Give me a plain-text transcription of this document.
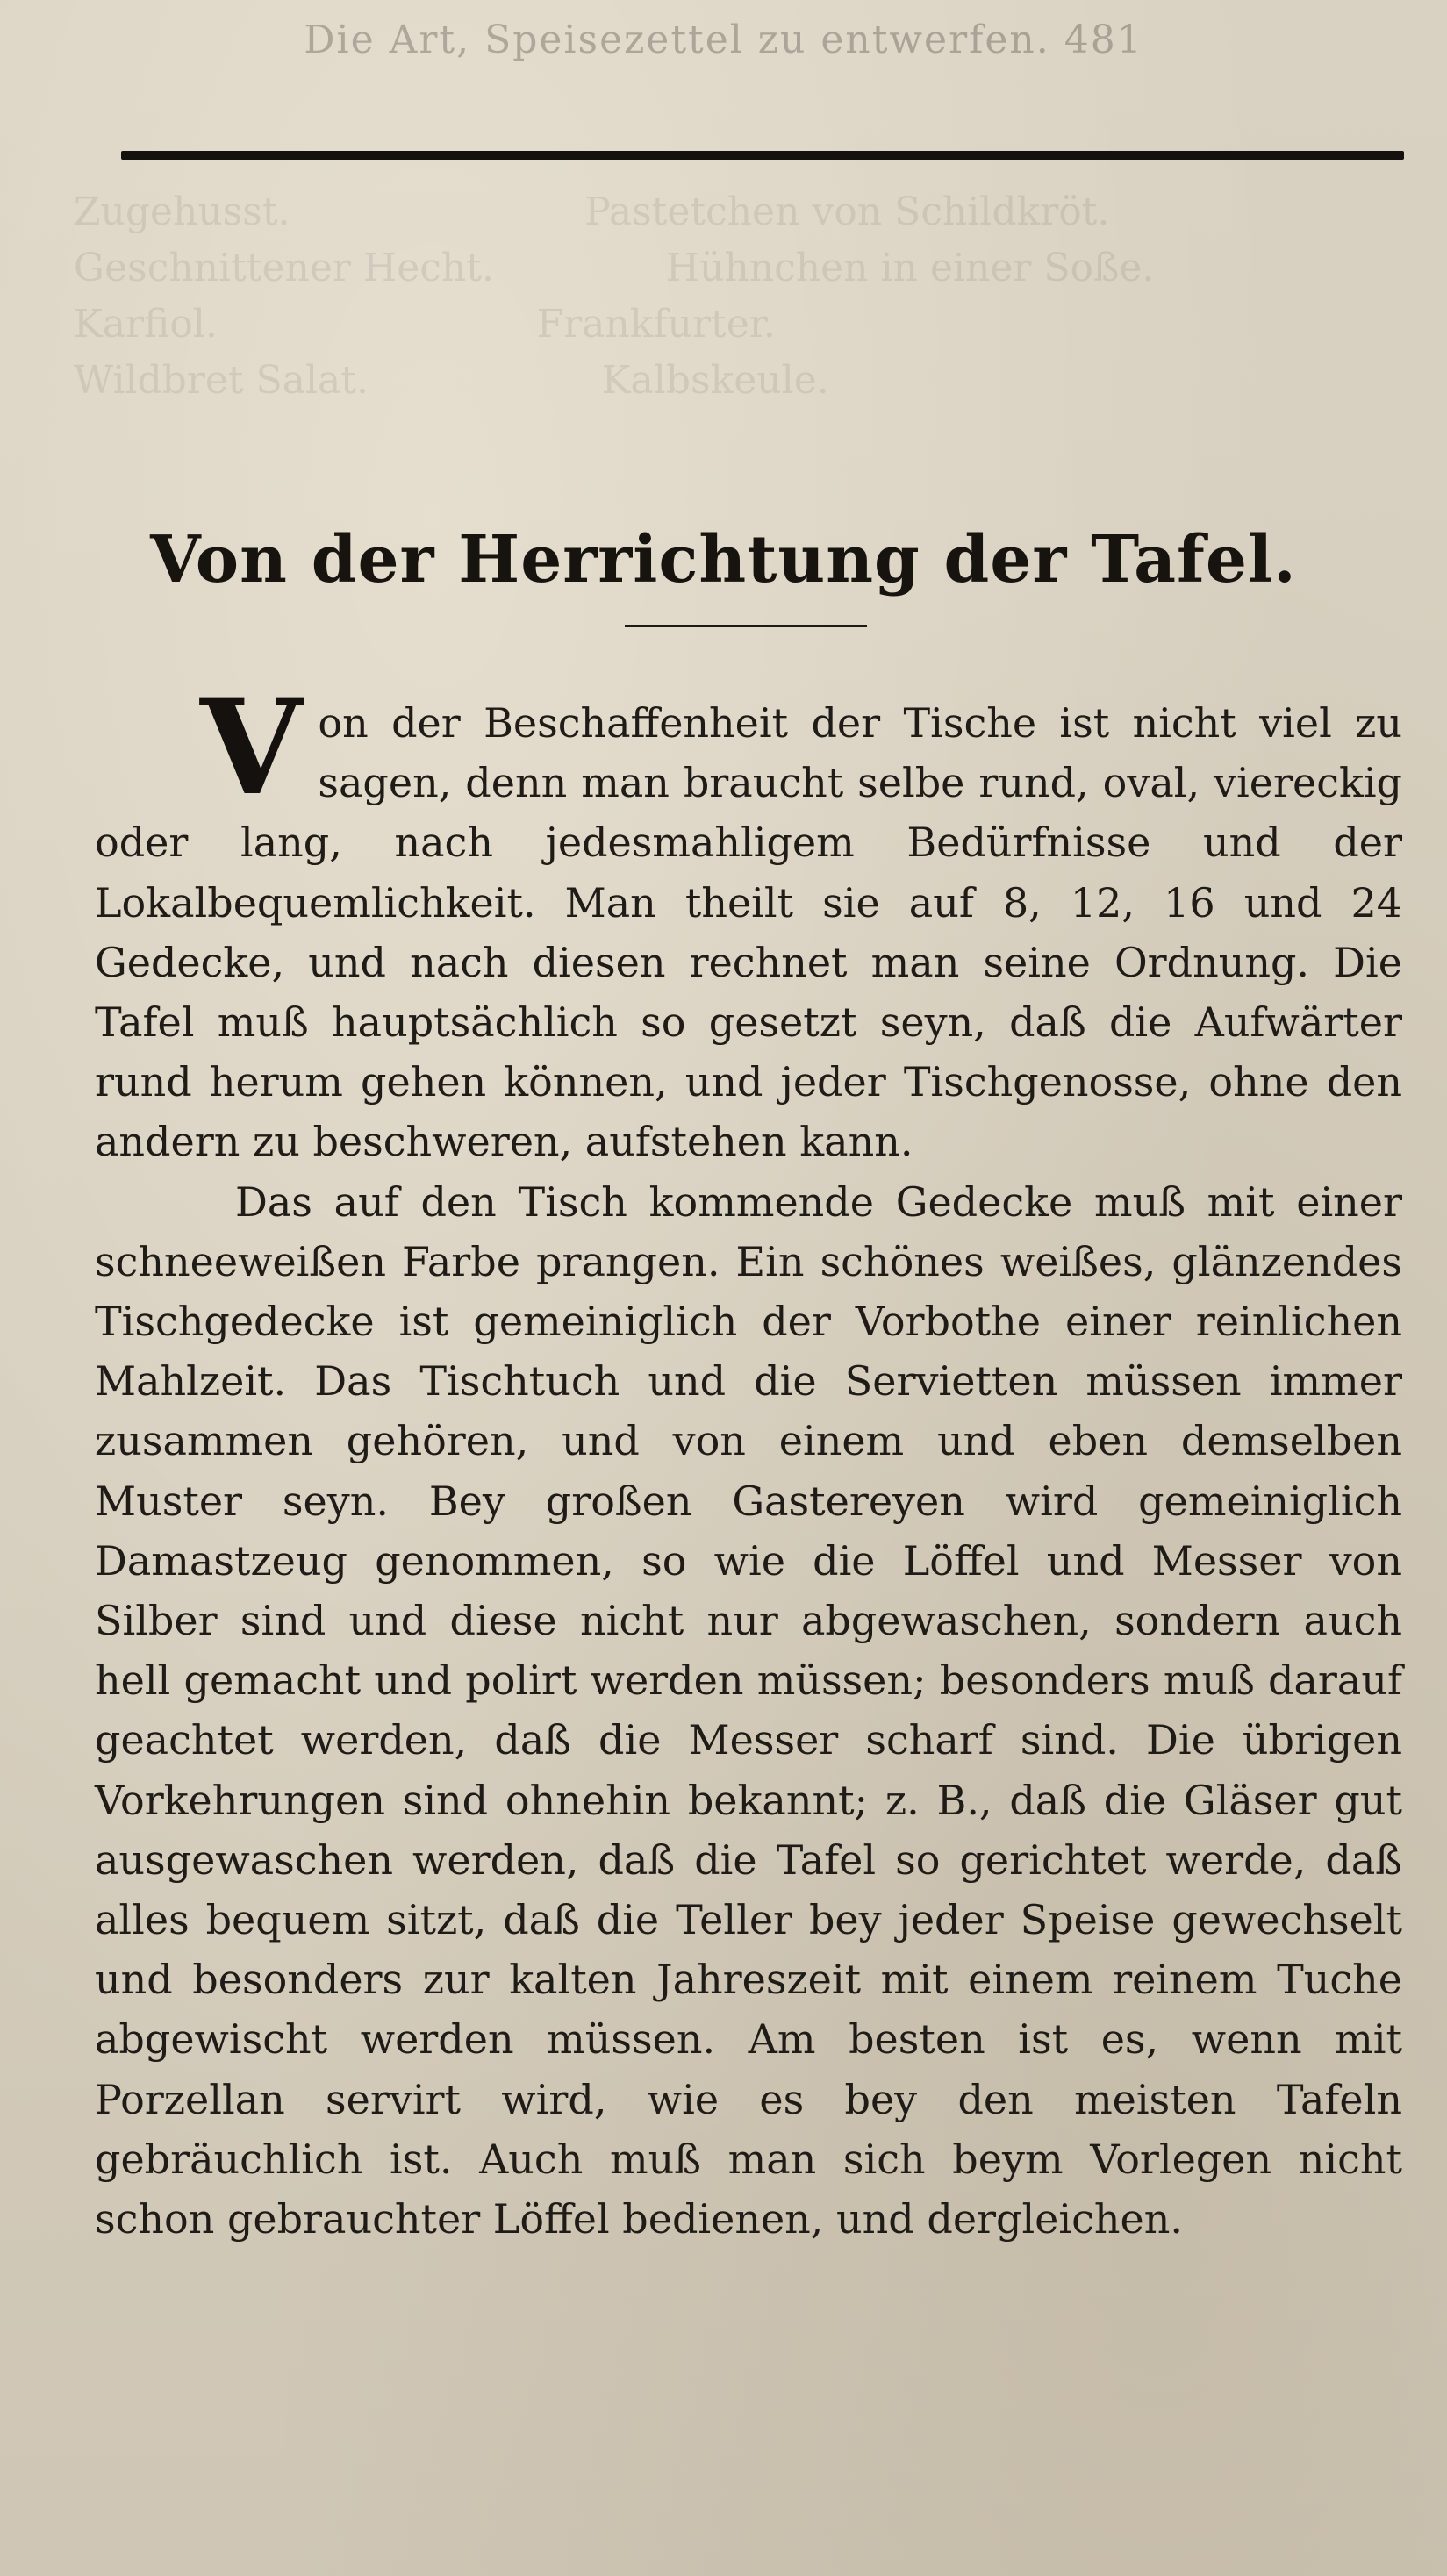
Zugehusst.                        Pastetchen von Schildkröt.
Geschnittener Hecht.              Hühnchen in einer Soße.
Karfiol.                          Frankfurter.
Wildbret Salat.                   Kalbskeule.
Die Art, Speisezettel zu entwerfen. 481
Von der Herrichtung der Tafel.

Von der Beschaffenheit der Tische ist nicht viel zu sagen, denn man braucht selbe rund, oval, viereckig oder lang, nach jedesmahligem Bedürfnisse und der Lokalbequemlichkeit. Man theilt sie auf 8, 12, 16 und 24 Gedecke, und nach diesen rechnet man seine Ordnung. Die Tafel muß hauptsächlich so gesetzt seyn, daß die Aufwärter rund herum gehen können, und jeder Tischgenosse, ohne den andern zu beschweren, aufstehen kann.

Das auf den Tisch kommende Gedecke muß mit einer schneeweißen Farbe prangen. Ein schönes weißes, glänzendes Tischgedecke ist gemeiniglich der Vorbothe einer reinlichen Mahlzeit. Das Tischtuch und die Servietten müssen immer zusammen gehören, und von einem und eben demselben Muster seyn. Bey großen Gastereyen wird gemeiniglich Damastzeug genommen, so wie die Löffel und Messer von Silber sind und diese nicht nur abgewaschen, sondern auch hell gemacht und polirt werden müssen; besonders muß darauf geachtet werden, daß die Messer scharf sind. Die übrigen Vorkehrungen sind ohnehin bekannt; z. B., daß die Gläser gut ausgewaschen werden, daß die Tafel so gerichtet werde, daß alles bequem sitzt, daß die Teller bey jeder Speise gewechselt und besonders zur kalten Jahreszeit mit einem reinem Tuche abgewischt werden müssen. Am besten ist es, wenn mit Porzellan servirt wird, wie es bey den meisten Tafeln gebräuchlich ist. Auch muß man sich beym Vorlegen nicht schon gebrauchter Löffel bedienen, und dergleichen.
